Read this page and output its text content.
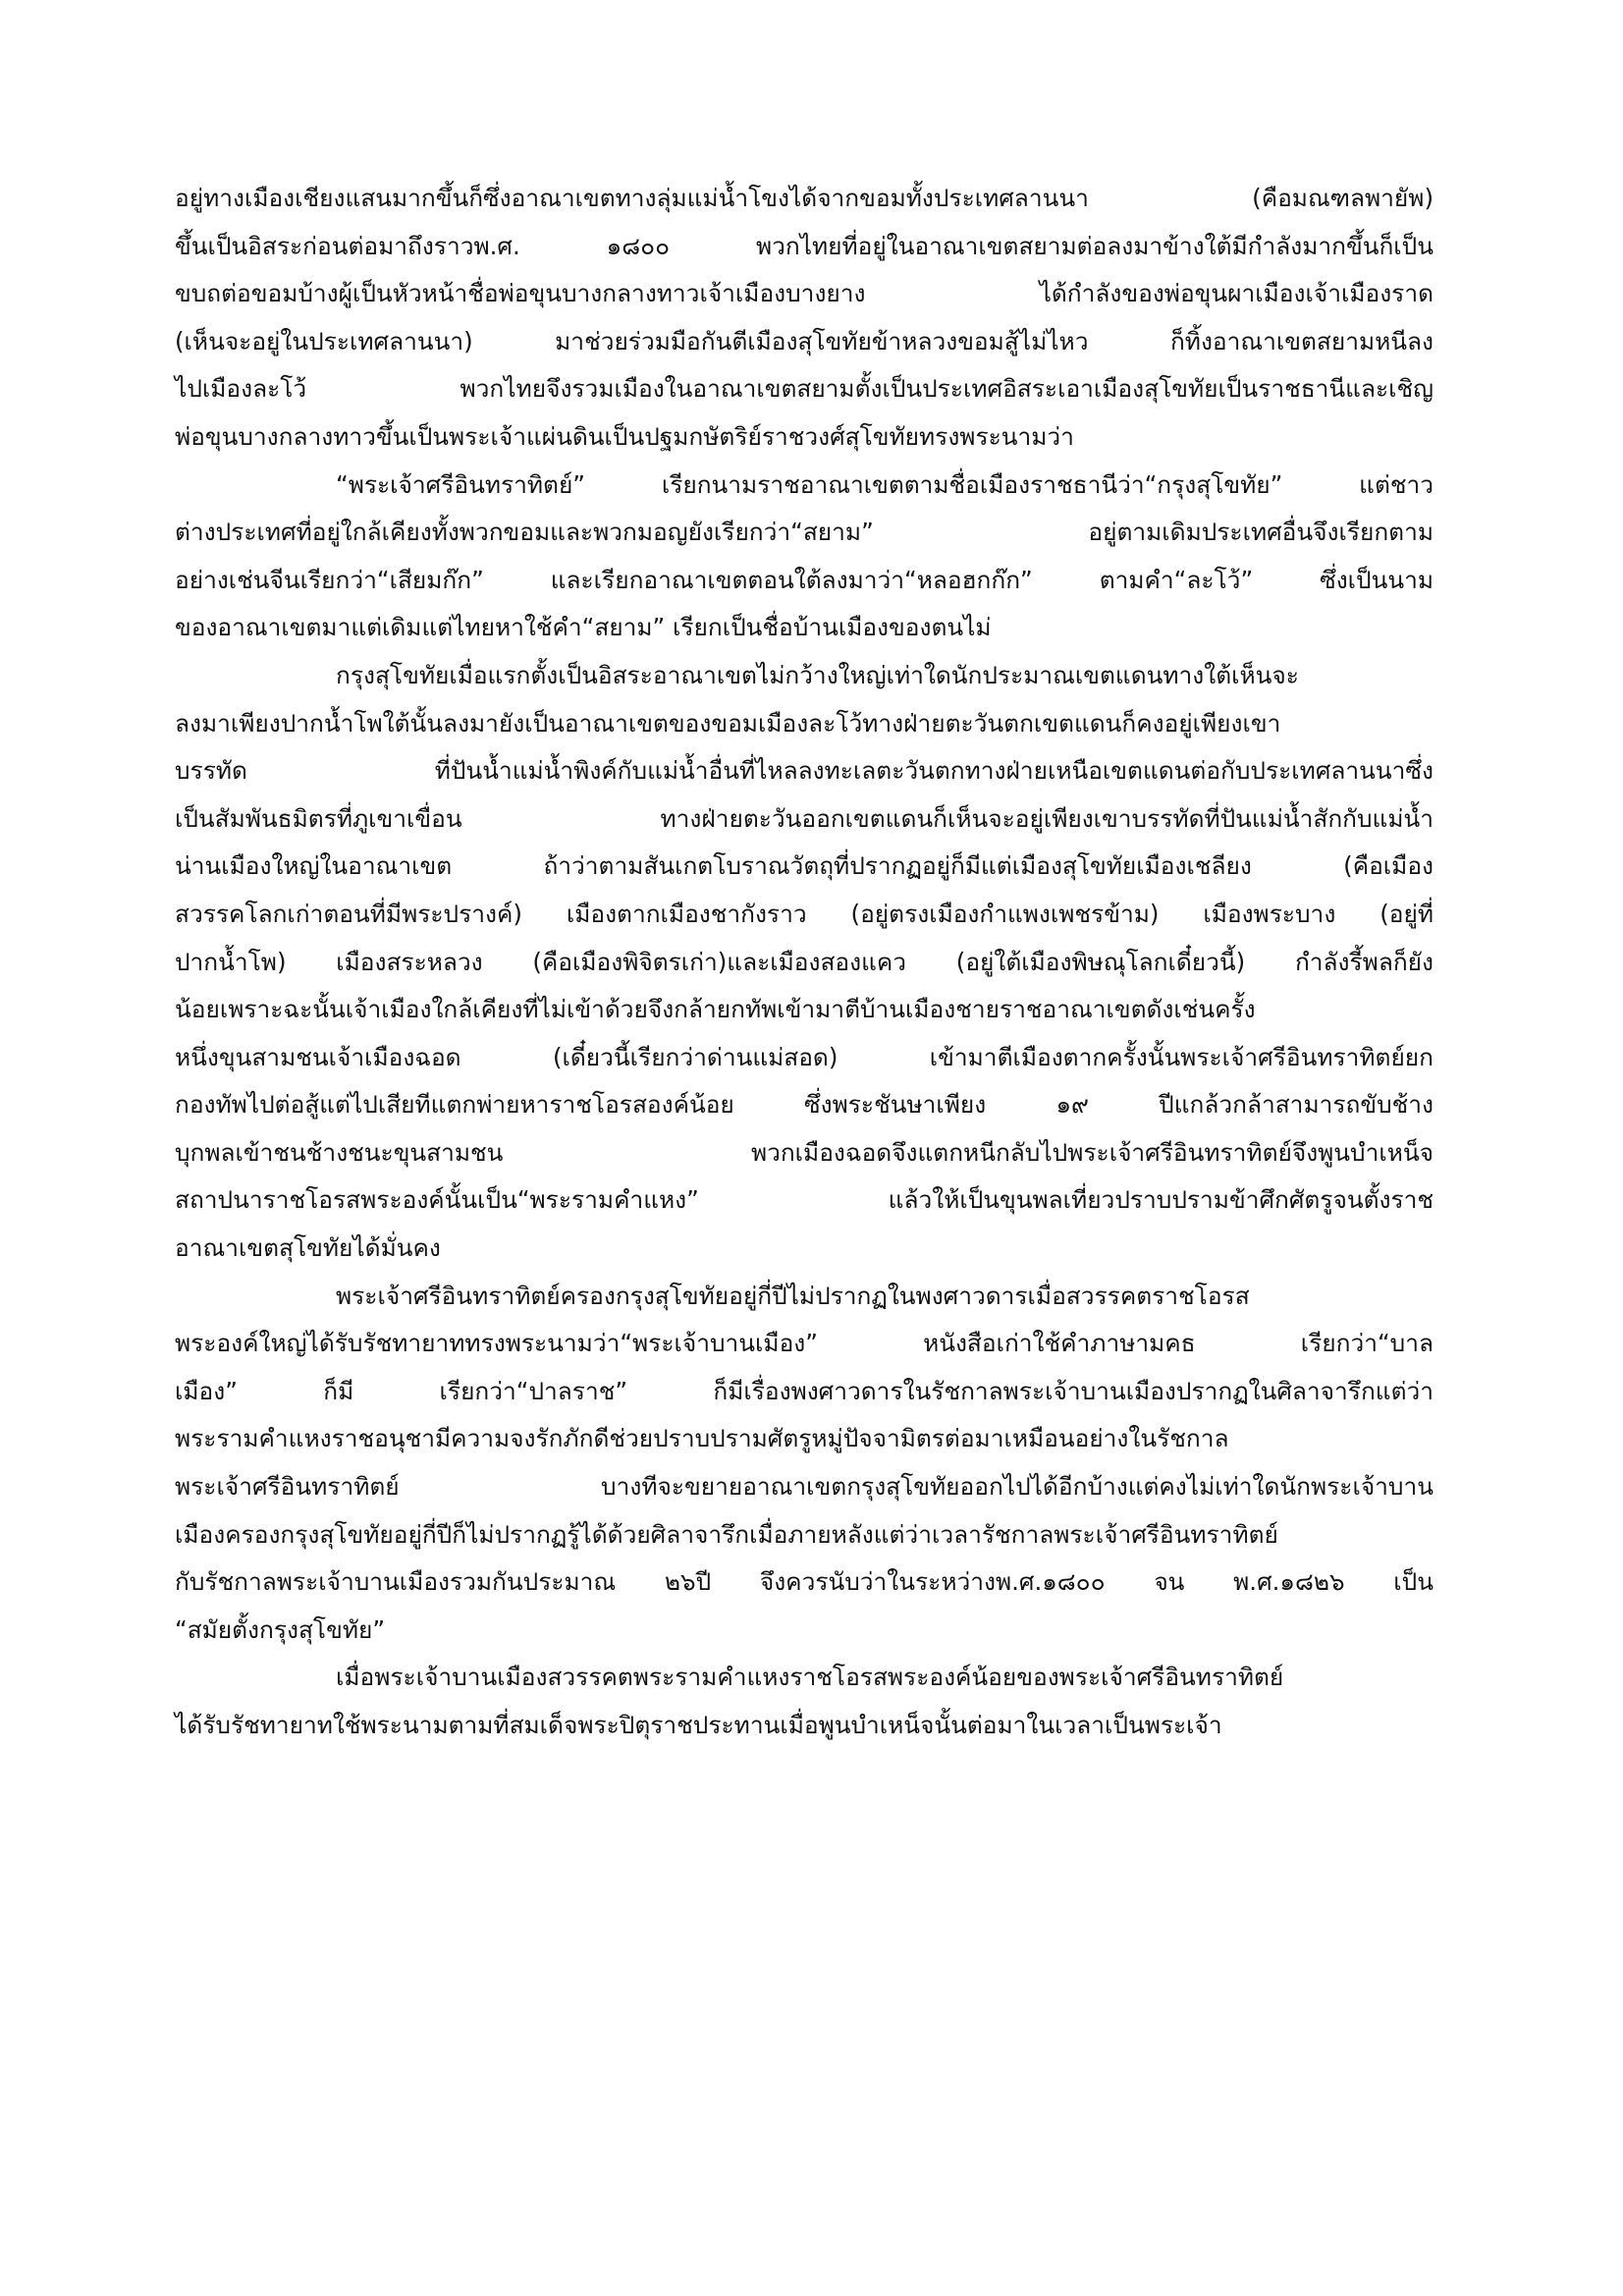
อยู่ทางเมืองเชียงแสนมากขึ้นก็ซึ่งอาณาเขตทางลุ่มแม่น้ำโขงได้จากขอมทั้งประเทศลานนา (คือมณฑลพายัพ)
ขึ้นเป็นอิสระก่อนต่อมาถึงราวพ.ศ. ๑๘๐๐ พวกไทยที่อยู่ในอาณาเขตสยามต่อลงมาข้างใต้มีกำลังมากขึ้นก็เป็น
ขบถต่อขอมบ้างผู้เป็นหัวหน้าชื่อพ่อขุนบางกลางทาวเจ้าเมืองบางยาง ได้กำลังของพ่อขุนผาเมืองเจ้าเมืองราด
(เห็นจะอยู่ในประเทศลานนา) มาช่วยร่วมมือกันตีเมืองสุโขทัยข้าหลวงขอมสู้ไม่ไหว ก็ทิ้งอาณาเขตสยามหนีลง
ไปเมืองละโว้ พวกไทยจึงรวมเมืองในอาณาเขตสยามตั้งเป็นประเทศอิสระเอาเมืองสุโขทัยเป็นราชธานีและเชิญ
พ่อขุนบางกลางทาวขึ้นเป็นพระเจ้าแผ่นดินเป็นปฐมกษัตริย์ราชวงศ์สุโขทัยทรงพระนามว่า
“พระเจ้าศรีอินทราทิตย์” เรียกนามราชอาณาเขตตามชื่อเมืองราชธานีว่า“กรุงสุโขทัย” แต่ชาว
ต่างประเทศที่อยู่ใกล้เคียงทั้งพวกขอมและพวกมอญยังเรียกว่า“สยาม” อยู่ตามเดิมประเทศอื่นจึงเรียกตาม
อย่างเช่นจีนเรียกว่า“เสียมก๊ก” และเรียกอาณาเขตตอนใต้ลงมาว่า“หลอฮกก๊ก” ตามคำ“ละโว้” ซึ่งเป็นนาม
ของอาณาเขตมาแต่เดิมแต่ไทยหาใช้คำ“สยาม” เรียกเป็นชื่อบ้านเมืองของตนไม่
กรุงสุโขทัยเมื่อแรกตั้งเป็นอิสระอาณาเขตไม่กว้างใหญ่เท่าใดนักประมาณเขตแดนทางใต้เห็นจะ
ลงมาเพียงปากน้ำโพใต้นั้นลงมายังเป็นอาณาเขตของขอมเมืองละโว้ทางฝ่ายตะวันตกเขตแดนก็คงอยู่เพียงเขา
บรรทัด ที่ปันน้ำแม่น้ำพิงค์กับแม่น้ำอื่นที่ไหลลงทะเลตะวันตกทางฝ่ายเหนือเขตแดนต่อกับประเทศลานนาซึ่ง
เป็นสัมพันธมิตรที่ภูเขาเขื่อน ทางฝ่ายตะวันออกเขตแดนก็เห็นจะอยู่เพียงเขาบรรทัดที่ปันแม่น้ำสักกับแม่น้ำ
น่านเมืองใหญ่ในอาณาเขต ถ้าว่าตามสันเกตโบราณวัตถุที่ปรากฏอยู่ก็มีแต่เมืองสุโขทัยเมืองเชลียง (คือเมือง
สวรรคโลกเก่าตอนที่มีพระปรางค์) เมืองตากเมืองชากังราว (อยู่ตรงเมืองกำแพงเพชรข้าม) เมืองพระบาง (อยู่ที่
ปากน้ำโพ) เมืองสระหลวง (คือเมืองพิจิตรเก่า)และเมืองสองแคว (อยู่ใต้เมืองพิษณุโลกเดี๋ยวนี้) กำลังรี้พลก็ยัง
น้อยเพราะฉะนั้นเจ้าเมืองใกล้เคียงที่ไม่เข้าด้วยจึงกล้ายกทัพเข้ามาตีบ้านเมืองชายราชอาณาเขตดังเช่นครั้ง
หนึ่งขุนสามชนเจ้าเมืองฉอด (เดี๋ยวนี้เรียกว่าด่านแม่สอด) เข้ามาตีเมืองตากครั้งนั้นพระเจ้าศรีอินทราทิตย์ยก
กองทัพไปต่อสู้แต่ไปเสียทีแตกพ่ายหาราชโอรสองค์น้อย ซึ่งพระชันษาเพียง ๑๙ ปีแกล้วกล้าสามารถขับช้าง
บุกพลเข้าชนช้างชนะขุนสามชน พวกเมืองฉอดจึงแตกหนีกลับไปพระเจ้าศรีอินทราทิตย์จึงพูนบำเหน็จ
สถาปนาราชโอรสพระองค์นั้นเป็น“พระรามคำแหง” แล้วให้เป็นขุนพลเที่ยวปราบปรามข้าศึกศัตรูจนตั้งราช
อาณาเขตสุโขทัยได้มั่นคง
พระเจ้าศรีอินทราทิตย์ครองกรุงสุโขทัยอยู่กี่ปีไม่ปรากฏในพงศาวดารเมื่อสวรรคตราชโอรส
พระองค์ใหญ่ได้รับรัชทายาททรงพระนามว่า“พระเจ้าบานเมือง” หนังสือเก่าใช้คำภาษามคธ เรียกว่า“บาล
เมือง” ก็มี เรียกว่า“ปาลราช” ก็มีเรื่องพงศาวดารในรัชกาลพระเจ้าบานเมืองปรากฏในศิลาจารึกแต่ว่า
พระรามคำแหงราชอนุชามีความจงรักภักดีช่วยปราบปรามศัตรูหมู่ปัจจามิตรต่อมาเหมือนอย่างในรัชกาล
พระเจ้าศรีอินทราทิตย์ บางทีจะขยายอาณาเขตกรุงสุโขทัยออกไปได้อีกบ้างแต่คงไม่เท่าใดนักพระเจ้าบาน
เมืองครองกรุงสุโขทัยอยู่กี่ปีก็ไม่ปรากฏรู้ได้ด้วยศิลาจารึกเมื่อภายหลังแต่ว่าเวลารัชกาลพระเจ้าศรีอินทราทิตย์
กับรัชกาลพระเจ้าบานเมืองรวมกันประมาณ ๒๖ปี จึงควรนับว่าในระหว่างพ.ศ.๑๘๐๐ จน พ.ศ.๑๘๒๖ เป็น
“สมัยตั้งกรุงสุโขทัย”
เมื่อพระเจ้าบานเมืองสวรรคตพระรามคำแหงราชโอรสพระองค์น้อยของพระเจ้าศรีอินทราทิตย์
ได้รับรัชทายาทใช้พระนามตามที่สมเด็จพระปิตุราชประทานเมื่อพูนบำเหน็จนั้นต่อมาในเวลาเป็นพระเจ้า
